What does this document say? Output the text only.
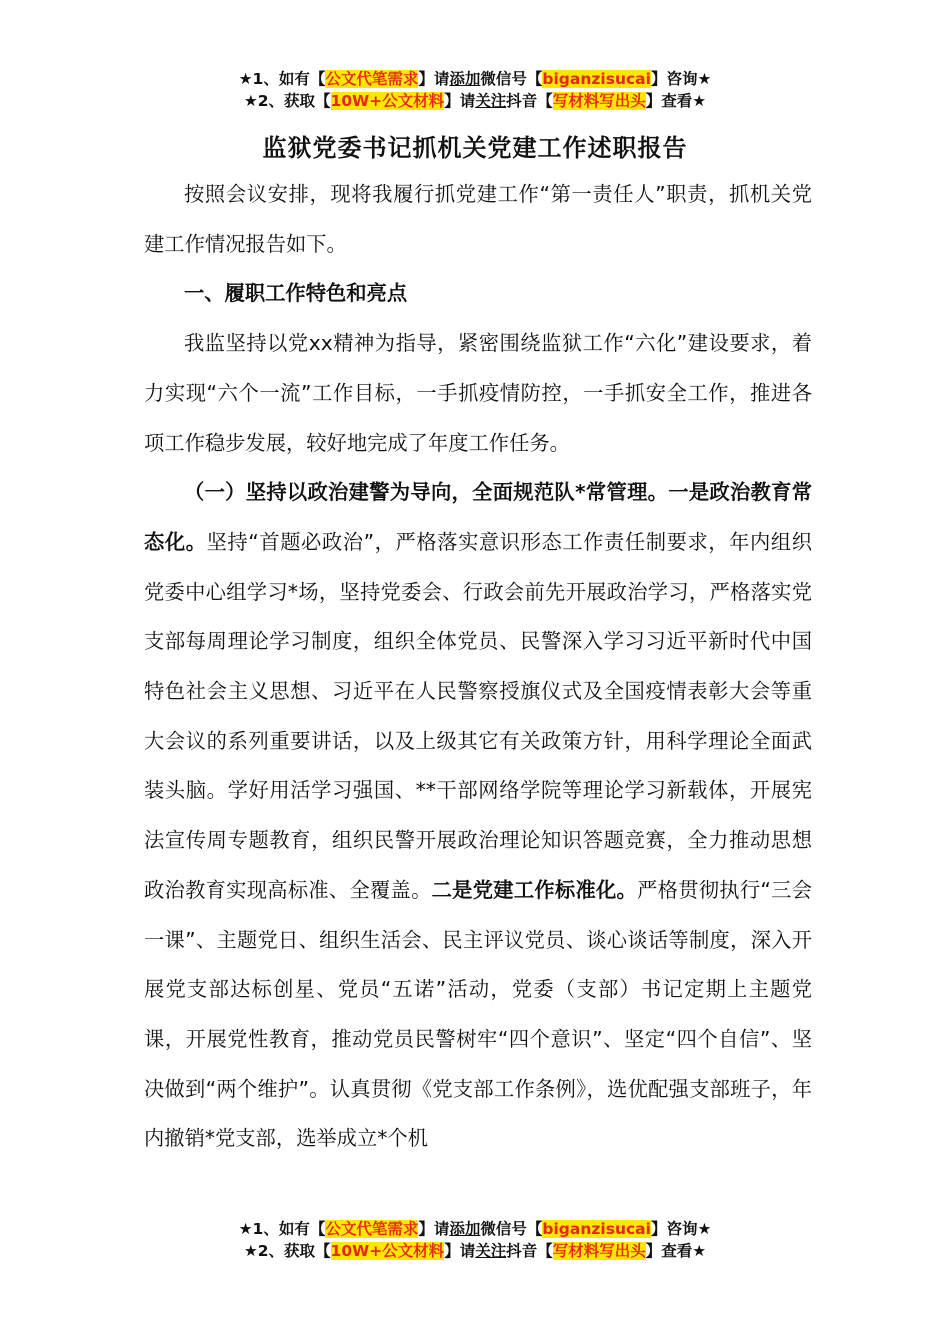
★1、如有【公文代笔需求】请添加微信号【biganzisucai】咨询★
★2、获取【10W+公文材料】请关注抖音【写材料写出头】查看★
监狱党委书记抓机关党建工作述职报告

按照会议安排，现将我履行抓党建工作“第一责任人”职责，抓机关党建工作情况报告如下。

一、履职工作特色和亮点

我监坚持以党xx精神为指导，紧密围绕监狱工作“六化”建设要求，着力实现“六个一流”工作目标，一手抓疫情防控，一手抓安全工作，推进各项工作稳步发展，较好地完成了年度工作任务。

（一）坚持以政治建警为导向，全面规范队*常管理。一是政治教育常态化。坚持“首题必政治”，严格落实意识形态工作责任制要求，年内组织党委中心组学习*场，坚持党委会、行政会前先开展政治学习，严格落实党支部每周理论学习制度，组织全体党员、民警深入学习习近平新时代中国特色社会主义思想、习近平在人民警察授旗仪式及全国疫情表彰大会等重大会议的系列重要讲话，以及上级其它有关政策方针，用科学理论全面武装头脑。学好用活学习强国、**干部网络学院等理论学习新载体，开展宪法宣传周专题教育，组织民警开展政治理论知识答题竞赛，全力推动思想政治教育实现高标准、全覆盖。二是党建工作标准化。严格贯彻执行“三会一课”、主题党日、组织生活会、民主评议党员、谈心谈话等制度，深入开展党支部达标创星、党员“五诺”活动，党委（支部）书记定期上主题党课，开展党性教育，推动党员民警树牢“四个意识”、坚定“四个自信”、坚决做到“两个维护”。认真贯彻《党支部工作条例》，选优配强支部班子，年内撤销*党支部，选举成立*个机

★1、如有【公文代笔需求】请添加微信号【biganzisucai】咨询★
★2、获取【10W+公文材料】请关注抖音【写材料写出头】查看★
